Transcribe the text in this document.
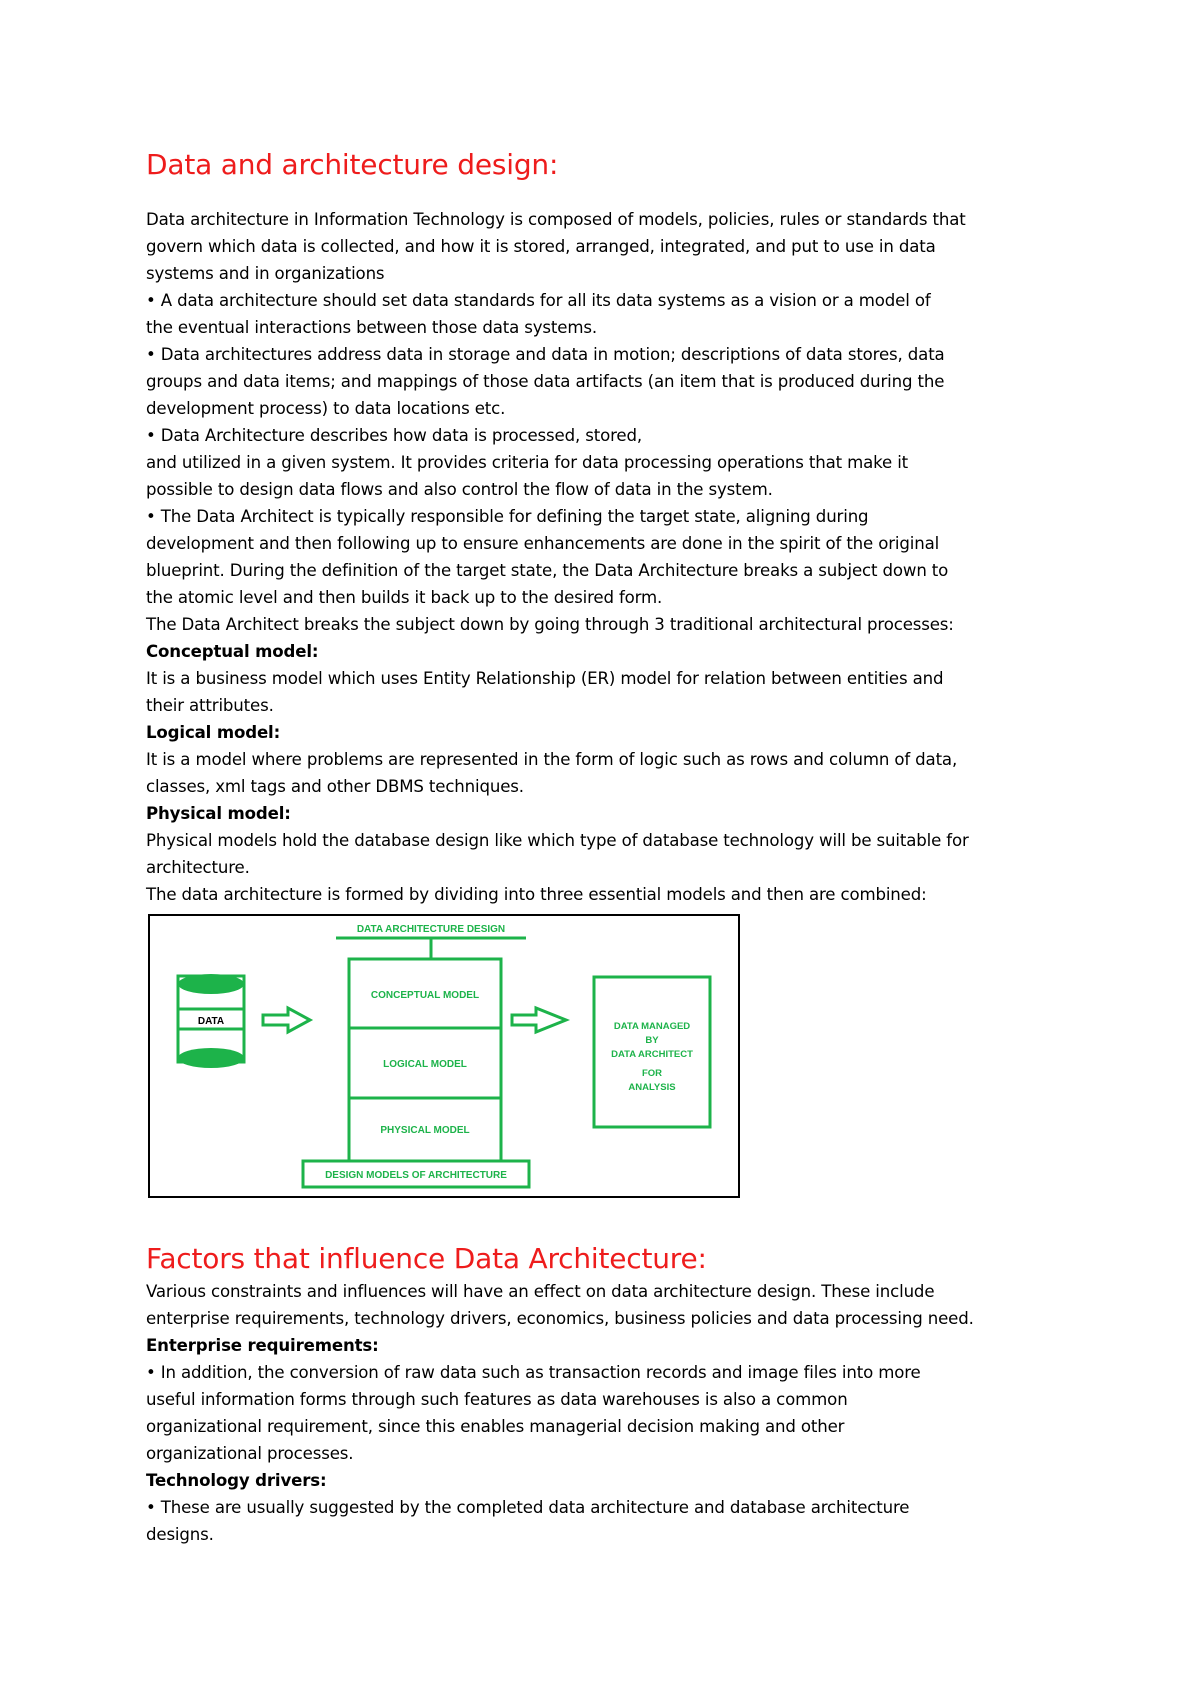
Data and architecture design:
Data architecture in Information Technology is composed of models, policies, rules or standards that
govern which data is collected, and how it is stored, arranged, integrated, and put to use in data
systems and in organizations
• A data architecture should set data standards for all its data systems as a vision or a model of
the eventual interactions between those data systems.
• Data architectures address data in storage and data in motion; descriptions of data stores, data
groups and data items; and mappings of those data artifacts (an item that is produced during the
development process) to data locations etc.
• Data Architecture describes how data is processed, stored,
and utilized in a given system. It provides criteria for data processing operations that make it
possible to design data flows and also control the flow of data in the system.
• The Data Architect is typically responsible for defining the target state, aligning during
development and then following up to ensure enhancements are done in the spirit of the original
blueprint. During the definition of the target state, the Data Architecture breaks a subject down to
the atomic level and then builds it back up to the desired form.
The Data Architect breaks the subject down by going through 3 traditional architectural processes:
Conceptual model:
It is a business model which uses Entity Relationship (ER) model for relation between entities and
their attributes.
Logical model:
It is a model where problems are represented in the form of logic such as rows and column of data,
classes, xml tags and other DBMS techniques.
Physical model:
Physical models hold the database design like which type of database technology will be suitable for
architecture.
The data architecture is formed by dividing into three essential models and then are combined:
Factors that influence Data Architecture:
Various constraints and influences will have an effect on data architecture design. These include
enterprise requirements, technology drivers, economics, business policies and data processing need.
Enterprise requirements:
• In addition, the conversion of raw data such as transaction records and image files into more
useful information forms through such features as data warehouses is also a common
organizational requirement, since this enables managerial decision making and other
organizational processes.
Technology drivers:
• These are usually suggested by the completed data architecture and database architecture
designs.
DATA ARCHITECTURE DESIGN
DATA
CONCEPTUAL MODEL
LOGICAL MODEL
PHYSICAL MODEL
DATA MANAGED
BY
DATA ARCHITECT
FOR
ANALYSIS
DESIGN MODELS OF ARCHITECTURE
